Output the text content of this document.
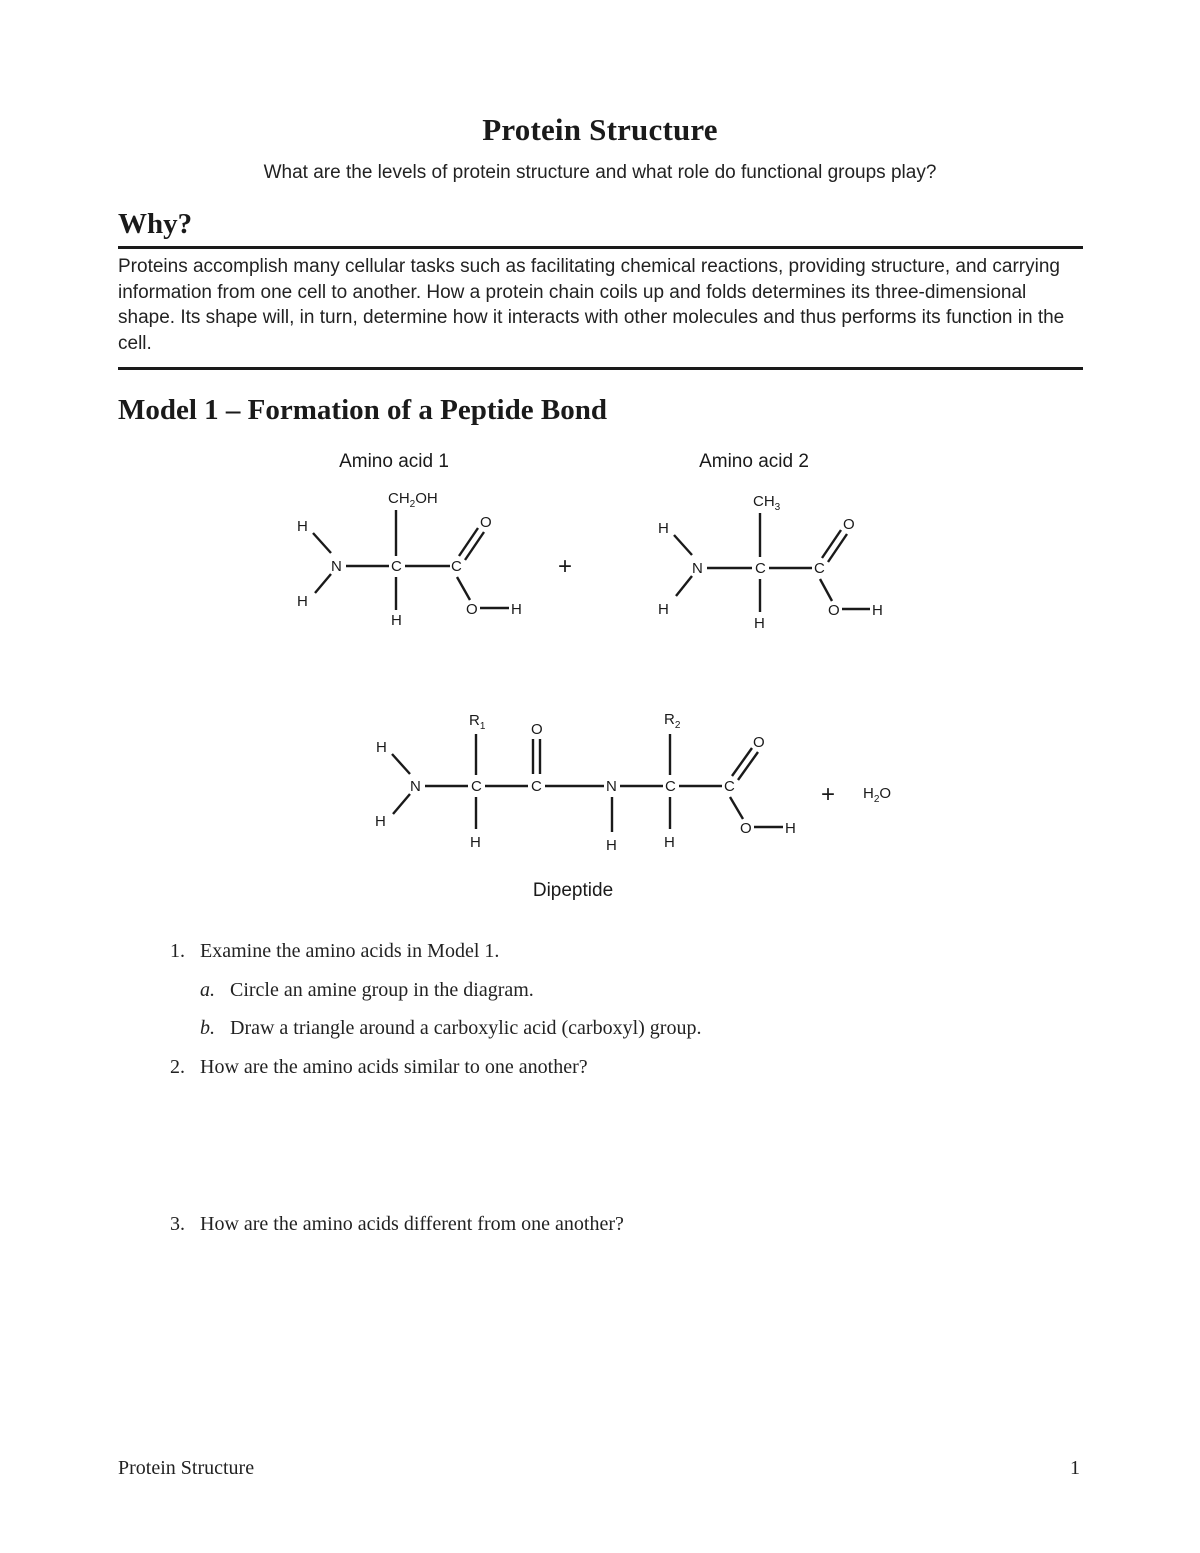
Protein Structure
What are the levels of protein structure and what role do functional groups play?
Why?

Proteins accomplish many cellular tasks such as facilitating chemical reactions, providing structure, and carrying information from one cell to another. How a protein chain coils up and folds determines its three-dimensional shape. Its shape will, in turn, determine how it interacts with other molecules and thus performs its function in the cell.

Model 1 – Formation of a Peptide Bond
Amino acid 1	Amino acid 2
$CH_2OH$
H
N
H
C
H
C
O
O H
+
$CH_3$
H
N
H
C
H
C
O
O H
$R_1$
H
N
H
C
H
O
C	N
H
$R_2$
C
H
C
O
O H
+ $H_2O$
Dipeptide
1. Examine the amino acids in Model 1.
a. Circle an amine group in the diagram.
b. Draw a triangle around a carboxylic acid (carboxyl) group.
2. How are the amino acids similar to one another?
3. How are the amino acids different from one another?
Protein Structure	1
